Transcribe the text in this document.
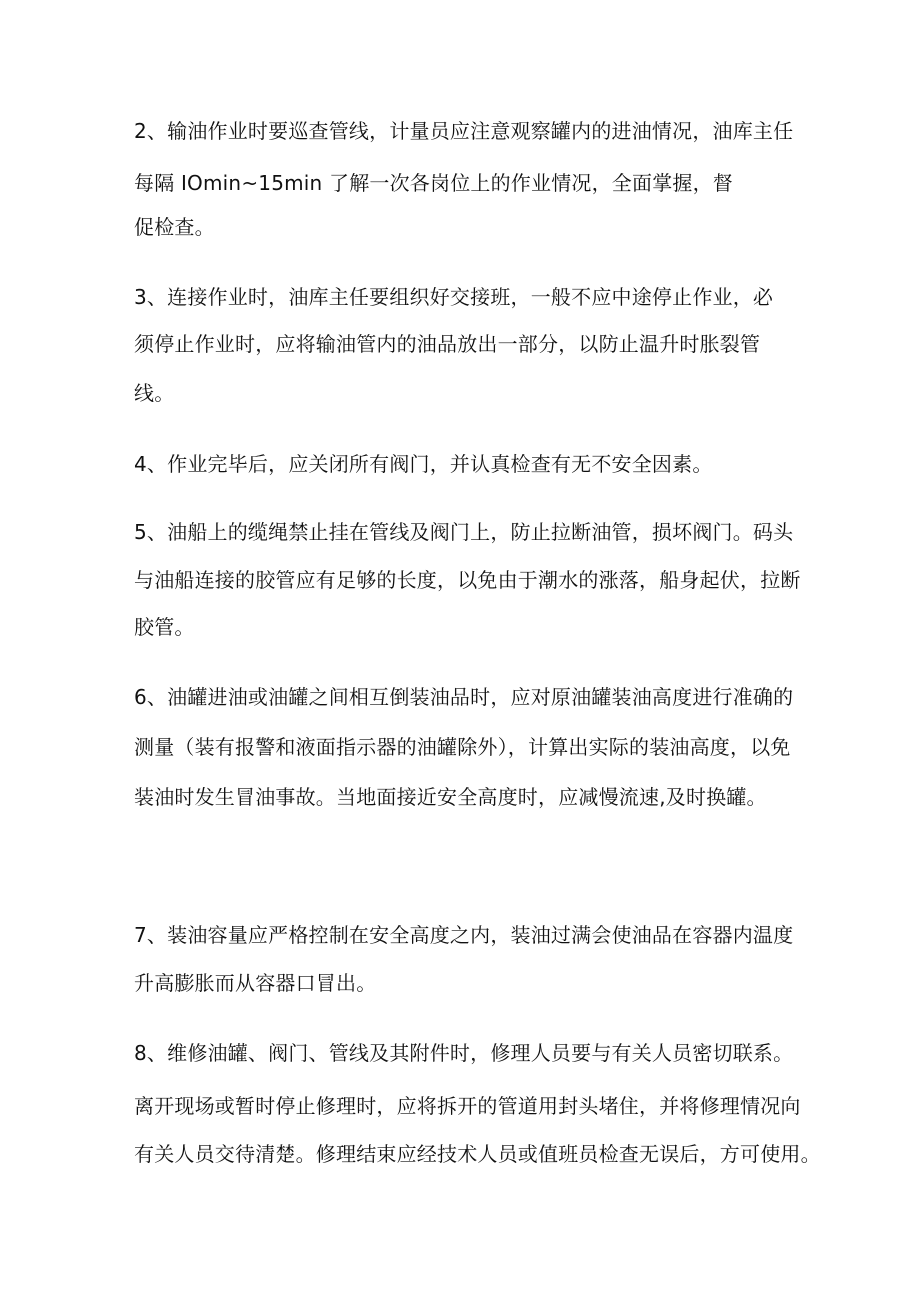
2、输油作业时要巡查管线，计量员应注意观察罐内的进油情况，油库主任
每隔 IOmin~15min 了解一次各岗位上的作业情况，全面掌握，督
促检查。
3、连接作业时，油库主任要组织好交接班，一般不应中途停止作业，必
须停止作业时，应将输油管内的油品放出一部分，以防止温升时胀裂管
线。
4、作业完毕后，应关闭所有阀门，并认真检查有无不安全因素。
5、油船上的缆绳禁止挂在管线及阀门上，防止拉断油管，损坏阀门。码头
与油船连接的胶管应有足够的长度，以免由于潮水的涨落，船身起伏，拉断
胶管。
6、油罐进油或油罐之间相互倒装油品时，应对原油罐装油高度进行准确的
测量（装有报警和液面指示器的油罐除外），计算出实际的装油高度，以免
装油时发生冒油事故。当地面接近安全高度时，应减慢流速,及时换罐。
7、装油容量应严格控制在安全高度之内，装油过满会使油品在容器内温度
升高膨胀而从容器口冒出。
8、维修油罐、阀门、管线及其附件时，修理人员要与有关人员密切联系。
离开现场或暂时停止修理时，应将拆开的管道用封头堵住，并将修理情况向
有关人员交待清楚。修理结束应经技术人员或值班员检查无误后，方可使用。
